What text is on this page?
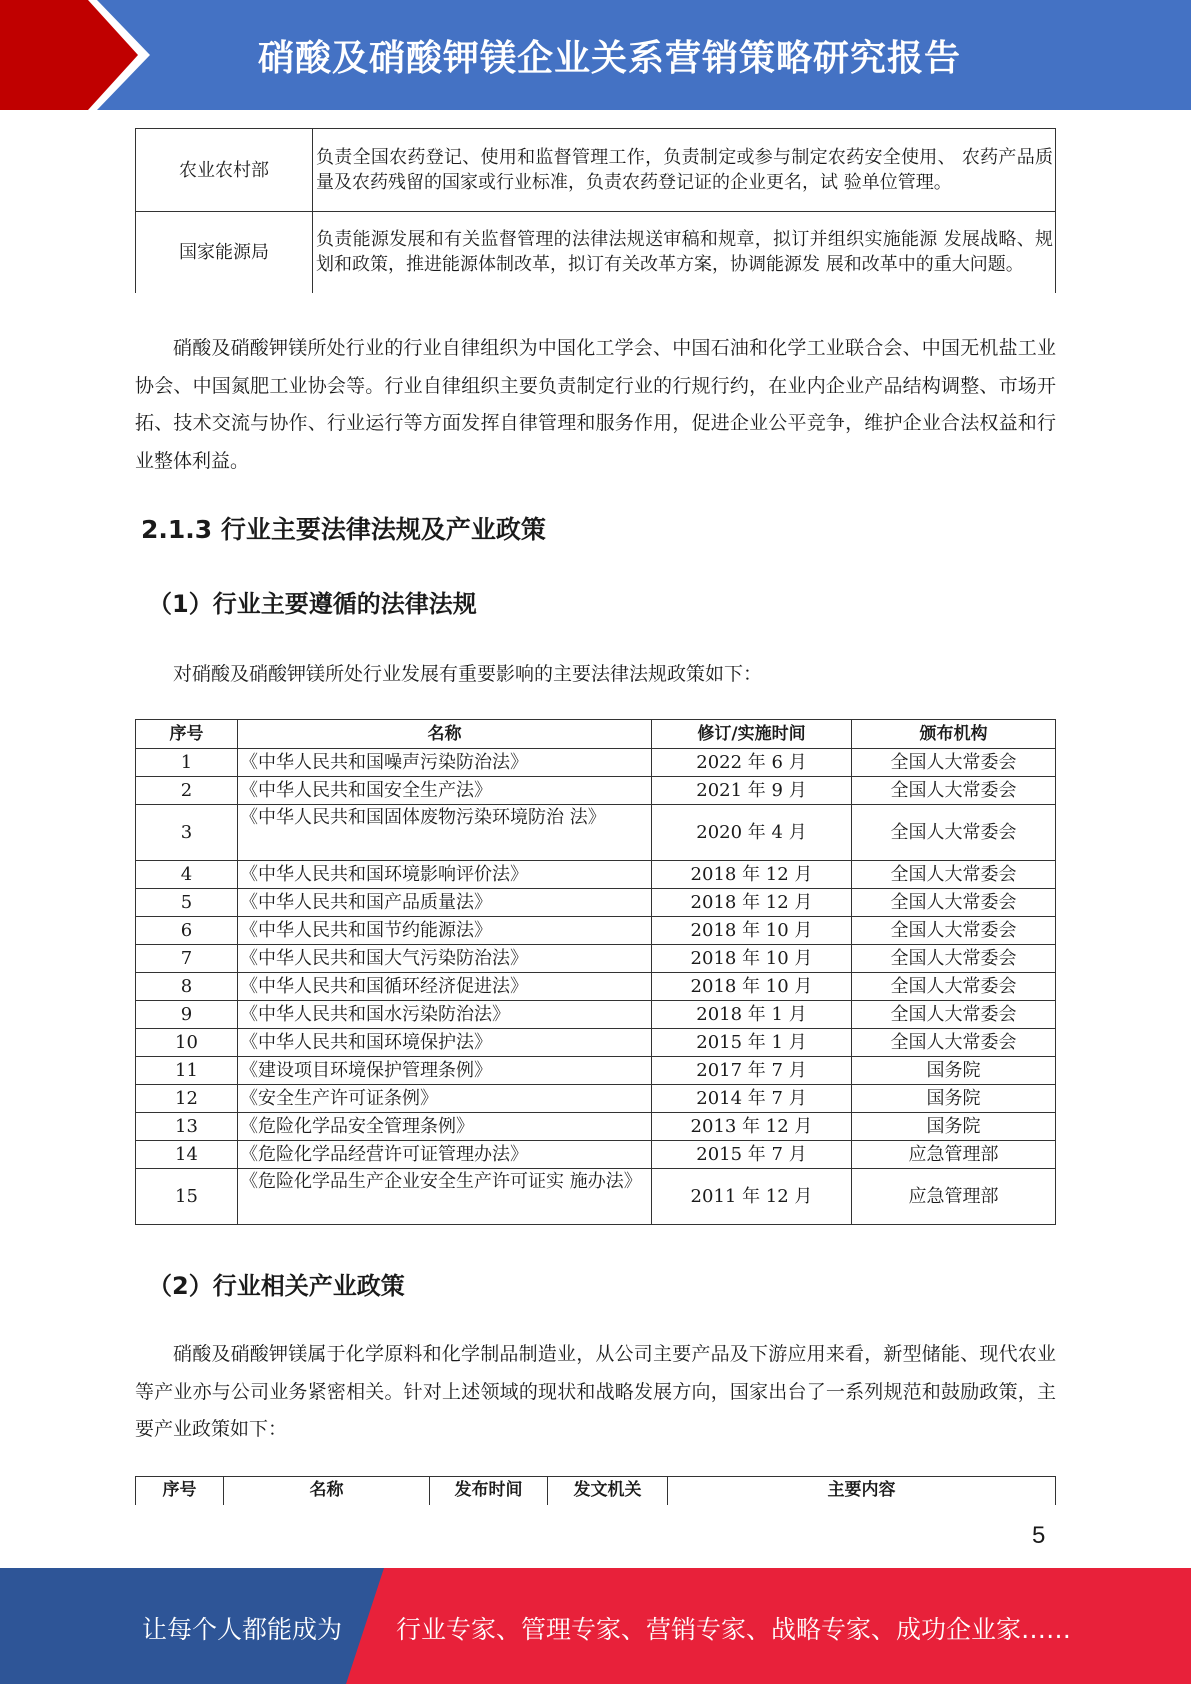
硝酸及硝酸钾镁企业关系营销策略研究报告
农业农村部	负责全国农药登记、使用和监督管理工作，负责制定或参与制定农药安全使用、 农药产品质量及农药残留的国家或行业标准，负责农药登记证的企业更名，试 验单位管理。
国家能源局	负责能源发展和有关监督管理的法律法规送审稿和规章，拟订并组织实施能源 发展战略、规划和政策，推进能源体制改革，拟订有关改革方案，协调能源发 展和改革中的重大问题。
硝酸及硝酸钾镁所处行业的行业自律组织为中国化工学会、中国石油和化学工业联合会、中国无机盐工业协会、中国氮肥工业协会等。行业自律组织主要负责制定行业的行规行约，在业内企业产品结构调整、市场开拓、技术交流与协作、行业运行等方面发挥自律管理和服务作用，促进企业公平竞争，维护企业合法权益和行业整体利益。
2.1.3 行业主要法律法规及产业政策
（1）行业主要遵循的法律法规
对硝酸及硝酸钾镁所处行业发展有重要影响的主要法律法规政策如下：
序号	名称	修订/实施时间	颁布机构
1	《中华人民共和国噪声污染防治法》	2022 年 6 月	全国人大常委会
2	《中华人民共和国安全生产法》	2021 年 9 月	全国人大常委会
3	《中华人民共和国固体废物污染环境防治 法》	2020 年 4 月	全国人大常委会
4	《中华人民共和国环境影响评价法》	2018 年 12 月	全国人大常委会
5	《中华人民共和国产品质量法》	2018 年 12 月	全国人大常委会
6	《中华人民共和国节约能源法》	2018 年 10 月	全国人大常委会
7	《中华人民共和国大气污染防治法》	2018 年 10 月	全国人大常委会
8	《中华人民共和国循环经济促进法》	2018 年 10 月	全国人大常委会
9	《中华人民共和国水污染防治法》	2018 年 1 月	全国人大常委会
10	《中华人民共和国环境保护法》	2015 年 1 月	全国人大常委会
11	《建设项目环境保护管理条例》	2017 年 7 月	国务院
12	《安全生产许可证条例》	2014 年 7 月	国务院
13	《危险化学品安全管理条例》	2013 年 12 月	国务院
14	《危险化学品经营许可证管理办法》	2015 年 7 月	应急管理部
15	《危险化学品生产企业安全生产许可证实 施办法》	2011 年 12 月	应急管理部
（2）行业相关产业政策
硝酸及硝酸钾镁属于化学原料和化学制品制造业，从公司主要产品及下游应用来看，新型储能、现代农业等产业亦与公司业务紧密相关。针对上述领域的现状和战略发展方向，国家出台了一系列规范和鼓励政策，主要产业政策如下：
序号	名称	发布时间	发文机关	主要内容
5
让每个人都能成为 行业专家、管理专家、营销专家、战略专家、成功企业家……
